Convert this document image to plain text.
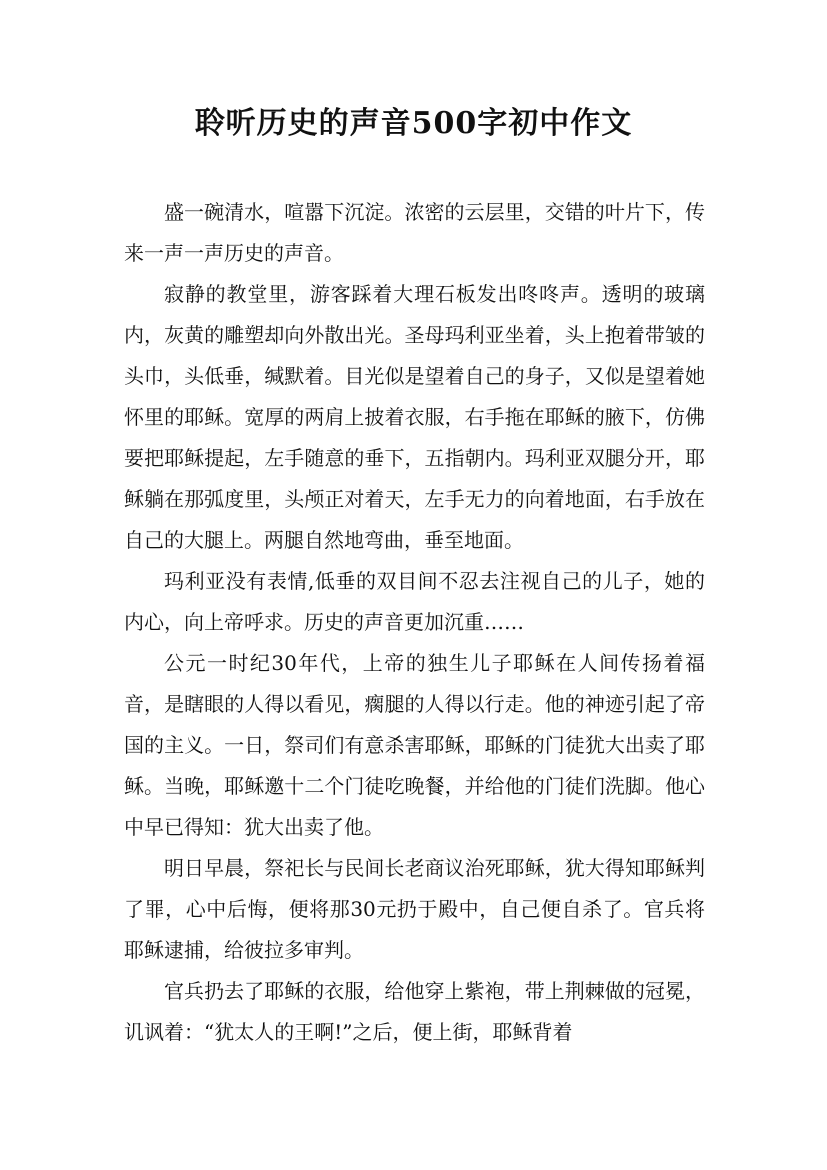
聆听历史的声音500字初中作文

盛一碗清水，喧嚣下沉淀。浓密的云层里，交错的叶片下，传来一声一声历史的声音。

寂静的教堂里，游客踩着大理石板发出咚咚声。透明的玻璃内，灰黄的雕塑却向外散出光。圣母玛利亚坐着，头上抱着带皱的头巾，头低垂，缄默着。目光似是望着自己的身子，又似是望着她怀里的耶稣。宽厚的两肩上披着衣服，右手拖在耶稣的腋下，仿佛要把耶稣提起，左手随意的垂下，五指朝内。玛利亚双腿分开，耶稣躺在那弧度里，头颅正对着天，左手无力的向着地面，右手放在自己的大腿上。两腿自然地弯曲，垂至地面。

玛利亚没有表情,低垂的双目间不忍去注视自己的儿子，她的内心，向上帝呼求。历史的声音更加沉重……

公元一时纪30年代，上帝的独生儿子耶稣在人间传扬着福音，是瞎眼的人得以看见，瘸腿的人得以行走。他的神迹引起了帝国的主义。一日，祭司们有意杀害耶稣，耶稣的门徒犹大出卖了耶稣。当晚，耶稣邀十二个门徒吃晚餐，并给他的门徒们洗脚。他心中早已得知：犹大出卖了他。

明日早晨，祭祀长与民间长老商议治死耶稣，犹大得知耶稣判了罪，心中后悔，便将那30元扔于殿中，自己便自杀了。官兵将耶稣逮捕，给彼拉多审判。

官兵扔去了耶稣的衣服，给他穿上紫袍，带上荆棘做的冠冕，讥讽着：“犹太人的王啊!”之后，便上街，耶稣背着
